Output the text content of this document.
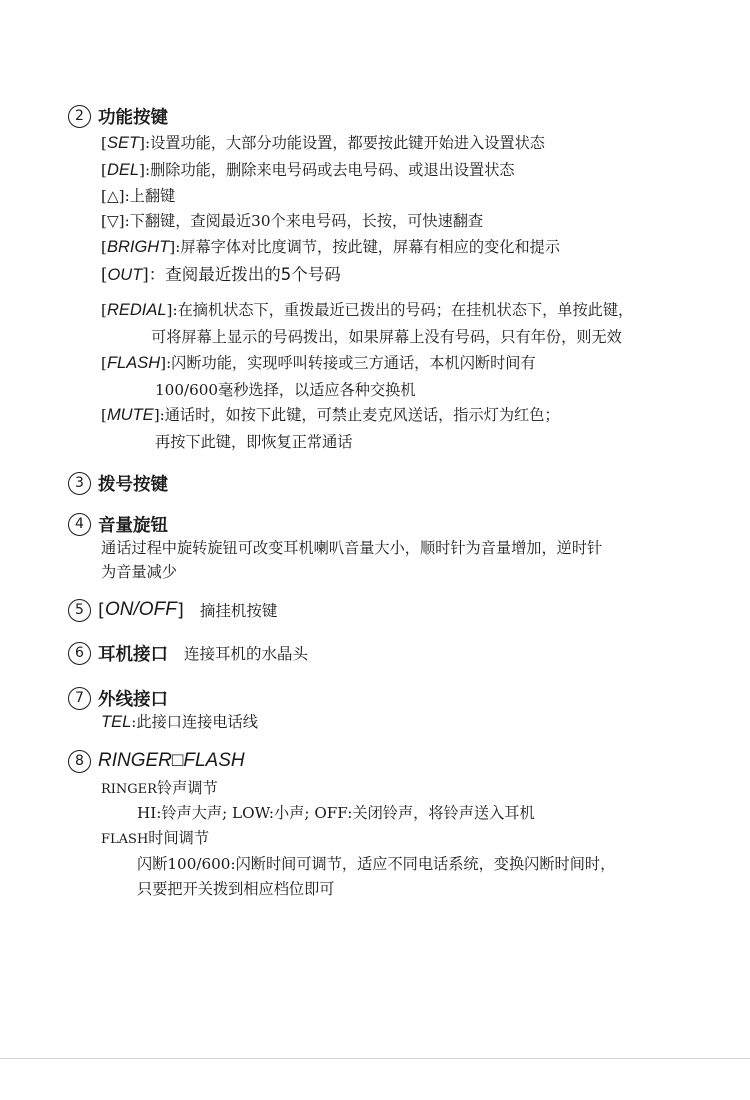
2 功能按键
[SET]:设置功能，大部分功能设置，都要按此键开始进入设置状态
[DEL]:删除功能，删除来电号码或去电号码、或退出设置状态
[△]:上翻键
[▽]:下翻键，查阅最近30个来电号码，长按，可快速翻查
[BRIGHT]:屏幕字体对比度调节，按此键，屏幕有相应的变化和提示
[OUT]：查阅最近拨出的5个号码
[REDIAL]:在摘机状态下，重拨最近已拨出的号码；在挂机状态下，单按此键，
可将屏幕上显示的号码拨出，如果屏幕上没有号码，只有年份，则无效
[FLASH]:闪断功能，实现呼叫转接或三方通话，本机闪断时间有
100/600毫秒选择，以适应各种交换机
[MUTE]:通话时，如按下此键，可禁止麦克风送话，指示灯为红色；
再按下此键，即恢复正常通话
3 拨号按键
4 音量旋钮
通话过程中旋转旋钮可改变耳机喇叭音量大小，顺时针为音量增加，逆时针
为音量减少
5 [ ON/OFF ] 摘挂机按键
6 耳机接口 连接耳机的水晶头
7 外线接口
TEL:此接口连接电话线
8 RINGER□FLASH
RINGER铃声调节
HI:铃声大声; LOW:小声; OFF:关闭铃声，将铃声送入耳机
FLASH时间调节
闪断100/600:闪断时间可调节，适应不同电话系统，变换闪断时间时，
只要把开关拨到相应档位即可
